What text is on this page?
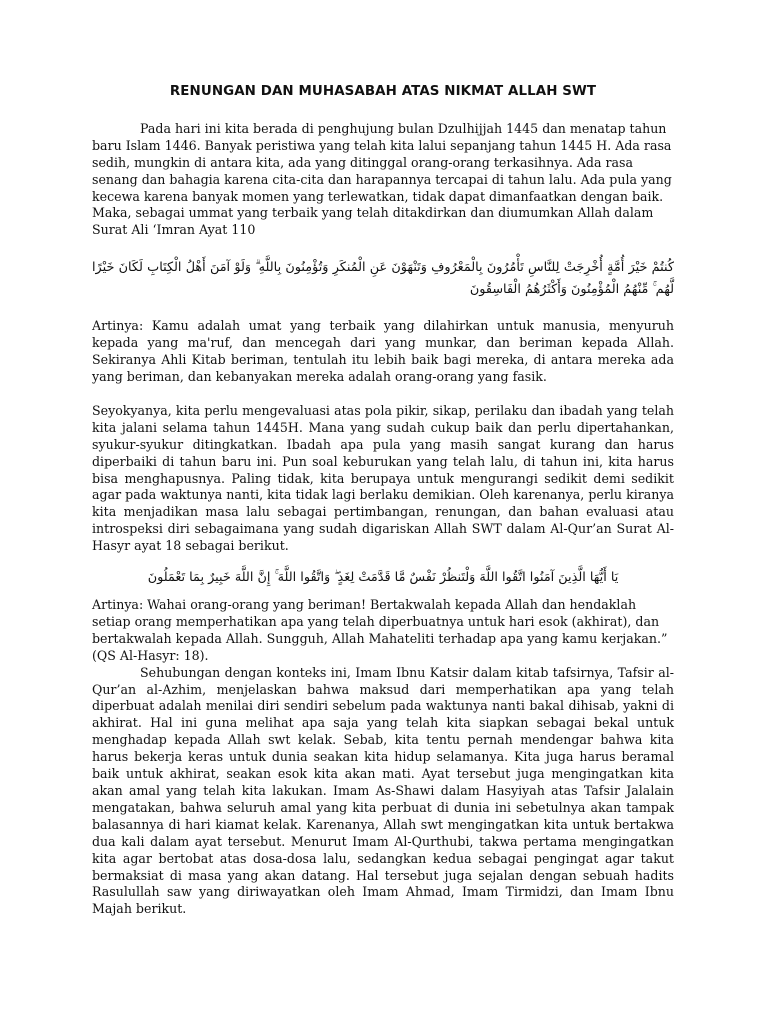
RENUNGAN DAN MUHASABAH ATAS NIKMAT ALLAH SWT

Pada hari ini kita berada di penghujung bulan Dzulhijjah 1445 dan menatap tahun baru Islam 1446. Banyak peristiwa yang telah kita lalui sepanjang tahun 1445 H. Ada rasa sedih, mungkin di antara kita, ada yang ditinggal orang-orang terkasihnya. Ada rasa senang dan bahagia karena cita-cita dan harapannya tercapai di tahun lalu. Ada pula yang kecewa karena banyak momen yang terlewatkan, tidak dapat dimanfaatkan dengan baik. Maka, sebagai ummat yang terbaik yang telah ditakdirkan dan diumumkan Allah dalam Surat Ali ‘Imran Ayat 110

كُنتُمْ خَيْرَ أُمَّةٍ أُخْرِجَتْ لِلنَّاسِ تَأْمُرُونَ بِالْمَعْرُوفِ وَتَنْهَوْنَ عَنِ الْمُنكَرِ وَتُؤْمِنُونَ بِاللَّهِ ۗ وَلَوْ آمَنَ أَهْلُ الْكِتَابِ لَكَانَ خَيْرًا لَّهُم ۚ مِّنْهُمُ الْمُؤْمِنُونَ وَأَكْثَرُهُمُ الْفَاسِقُونَ

Artinya: Kamu adalah umat yang terbaik yang dilahirkan untuk manusia, menyuruh kepada yang ma'ruf, dan mencegah dari yang munkar, dan beriman kepada Allah. Sekiranya Ahli Kitab beriman, tentulah itu lebih baik bagi mereka, di antara mereka ada yang beriman, dan kebanyakan mereka adalah orang-orang yang fasik.

Seyokyanya, kita perlu mengevaluasi atas pola pikir, sikap, perilaku dan ibadah yang telah kita jalani selama tahun 1445H. Mana yang sudah cukup baik dan perlu dipertahankan, syukur-syukur ditingkatkan. Ibadah apa pula yang masih sangat kurang dan harus diperbaiki di tahun baru ini. Pun soal keburukan yang telah lalu, di tahun ini, kita harus bisa menghapusnya. Paling tidak, kita berupaya untuk mengurangi sedikit demi sedikit agar pada waktunya nanti, kita tidak lagi berlaku demikian. Oleh karenanya, perlu kiranya kita menjadikan masa lalu sebagai pertimbangan, renungan, dan bahan evaluasi atau introspeksi diri sebagaimana yang sudah digariskan Allah SWT dalam Al-Qur’an Surat Al-Hasyr ayat 18 sebagai berikut.

يَا أَيُّهَا الَّذِينَ آمَنُوا اتَّقُوا اللَّهَ وَلْتَنظُرْ نَفْسٌ مَّا قَدَّمَتْ لِغَدٍ ۖ وَاتَّقُوا اللَّهَ ۚ إِنَّ اللَّهَ خَبِيرٌ بِمَا تَعْمَلُونَ

Artinya: Wahai orang-orang yang beriman! Bertakwalah kepada Allah dan hendaklah setiap orang memperhatikan apa yang telah diperbuatnya untuk hari esok (akhirat), dan bertakwalah kepada Allah. Sungguh, Allah Mahateliti terhadap apa yang kamu kerjakan.” (QS Al-Hasyr: 18).

Sehubungan dengan konteks ini, Imam Ibnu Katsir dalam kitab tafsirnya, Tafsir al-Qur’an al-Azhim, menjelaskan bahwa maksud dari memperhatikan apa yang telah diperbuat adalah menilai diri sendiri sebelum pada waktunya nanti bakal dihisab, yakni di akhirat. Hal ini guna melihat apa saja yang telah kita siapkan sebagai bekal untuk menghadap kepada Allah swt kelak. Sebab, kita tentu pernah mendengar bahwa kita harus bekerja keras untuk dunia seakan kita hidup selamanya. Kita juga harus beramal baik untuk akhirat, seakan esok kita akan mati. Ayat tersebut juga mengingatkan kita akan amal yang telah kita lakukan. Imam As-Shawi dalam Hasyiyah atas Tafsir Jalalain mengatakan, bahwa seluruh amal yang kita perbuat di dunia ini sebetulnya akan tampak balasannya di hari kiamat kelak. Karenanya, Allah swt mengingatkan kita untuk bertakwa dua kali dalam ayat tersebut. Menurut Imam Al-Qurthubi, takwa pertama mengingatkan kita agar bertobat atas dosa-dosa lalu, sedangkan kedua sebagai pengingat agar takut bermaksiat di masa yang akan datang. Hal tersebut juga sejalan dengan sebuah hadits Rasulullah saw yang diriwayatkan oleh Imam Ahmad, Imam Tirmidzi, dan Imam Ibnu Majah berikut.
